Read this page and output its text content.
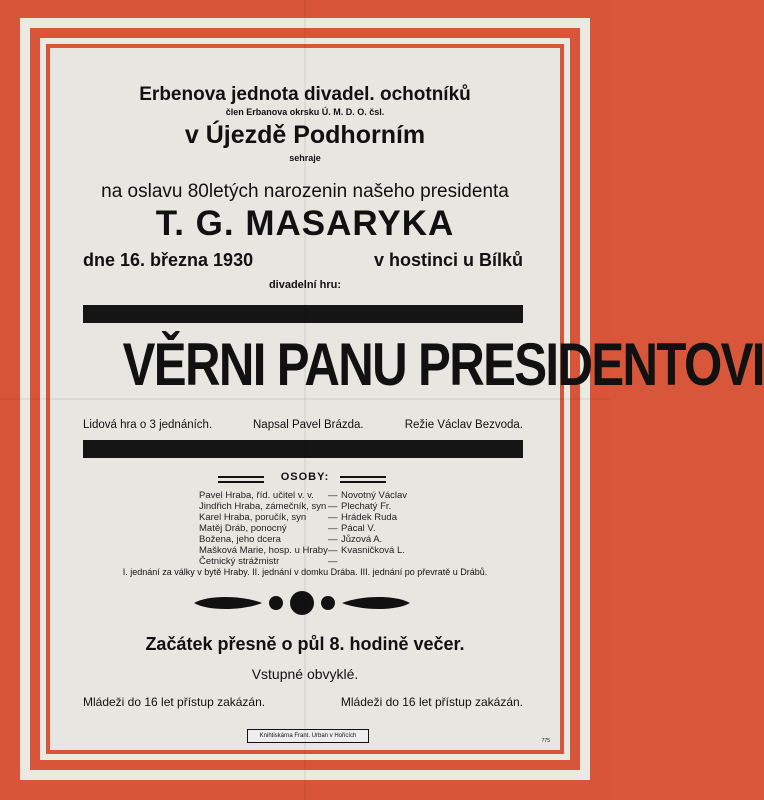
Erbenova jednota divadel. ochotníků
člen Erbanova okrsku Ú. M. D. O. čsl.
v Újezdě Podhorním
sehraje
na oslavu 80letých narozenin našeho presidenta
T. G. MASARYKA
dne 16. března 1930	v hostinci u Bílků
divadelní hru:
VĚRNI PANU PRESIDENTOVI
Lidová hra o 3 jednáních.	Napsal Pavel Brázda.	Režie Václav Bezvoda.
OSOBY:
Pavel Hraba, říd. učitel v. v. — Novotný Václav
Jindřich Hraba, zámečník, syn — Plechatý Fr.
Karel Hraba, poručík, syn — Hrádek Ruda
Matěj Dráb, ponocný	— Pácal V.
Božena, jeho dcera	— Jůzová A.
Mašková Marie, hosp. u Hraby — Kvasničková L.
Četnický strážmistr	—
I. jednání za války v bytě Hraby. II. jednání v domku Drába. III. jednání po převratě u Drábů.
Začátek přesně o půl 8. hodině večer.
Vstupné obvyklé.
Mládeži do 16 let přístup zakázán.	Mládeži do 16 let přístup zakázán.
Knihtiskárna Frant. Urban v Hořicích
775
